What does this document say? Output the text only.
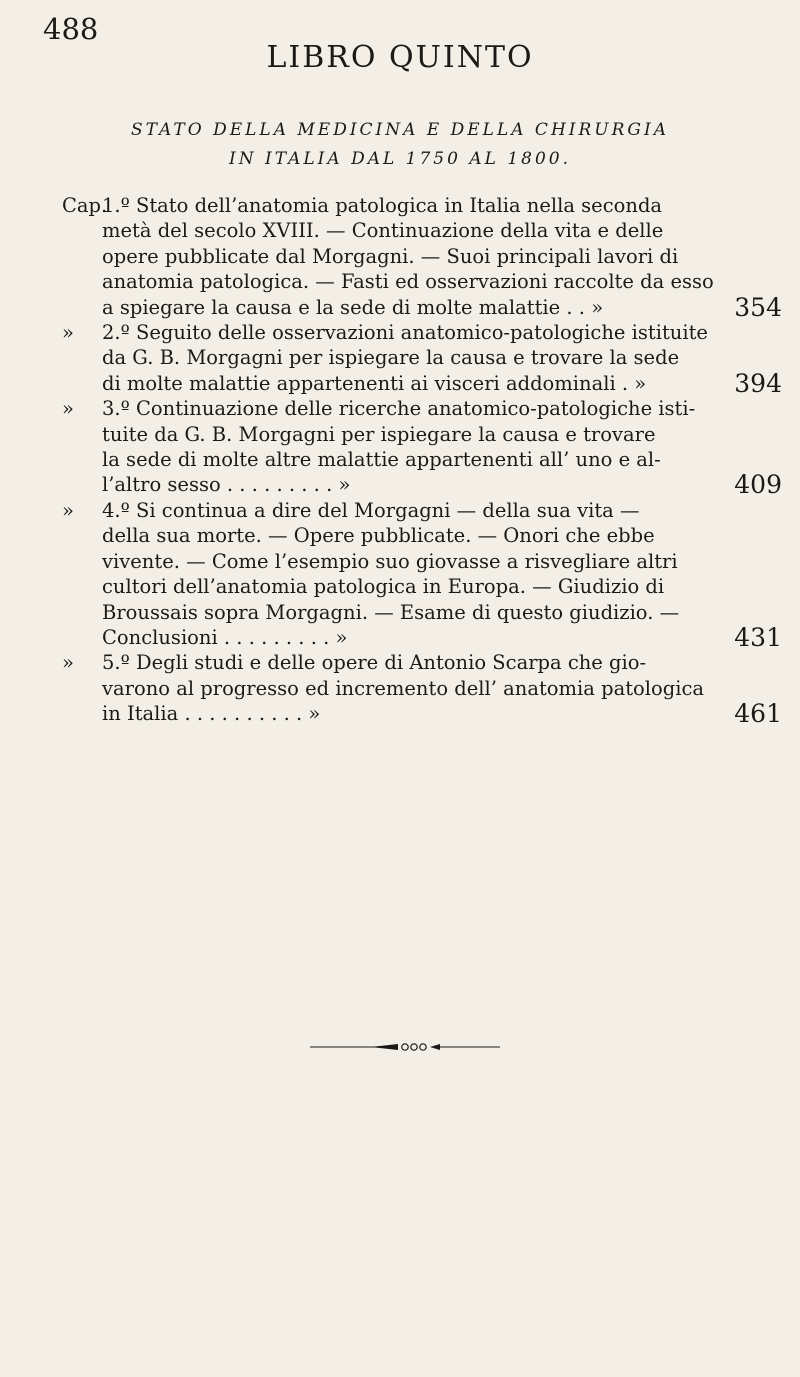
488
LIBRO QUINTO
STATO DELLA MEDICINA E DELLA CHIRURGIA
IN ITALIA DAL 1750 AL 1800.
Cap.
1.º Stato dell’anatomia patologica in Italia nella seconda
metà del secolo XVIII. — Continuazione della vita e delle
opere pubblicate dal Morgagni. — Suoi principali lavori di
anatomia patologica. — Fasti ed osservazioni raccolte da esso
a spiegare la causa e la sede di molte malattie . . »	354
» 2.º Seguito delle osservazioni anatomico-patologiche istituite
da G. B. Morgagni per ispiegare la causa e trovare la sede
di molte malattie appartenenti ai visceri addominali . »	394
» 3.º Continuazione delle ricerche anatomico-patologiche isti-
tuite da G. B. Morgagni per ispiegare la causa e trovare
la sede di molte altre malattie appartenenti all’ uno e al-
l’altro sesso . . . . . . . . . »	409
» 4.º Si continua a dire del Morgagni — della sua vita —
della sua morte. — Opere pubblicate. — Onori che ebbe
vivente. — Come l’esempio suo giovasse a risvegliare altri
cultori dell’anatomia patologica in Europa. — Giudizio di
Broussais sopra Morgagni. — Esame di questo giudizio. —
Conclusioni . . . . . . . . . »	431
» 5.º Degli studi e delle opere di Antonio Scarpa che gio-
varono al progresso ed incremento dell’ anatomia patologica
in Italia . . . . . . . . . . »	461
